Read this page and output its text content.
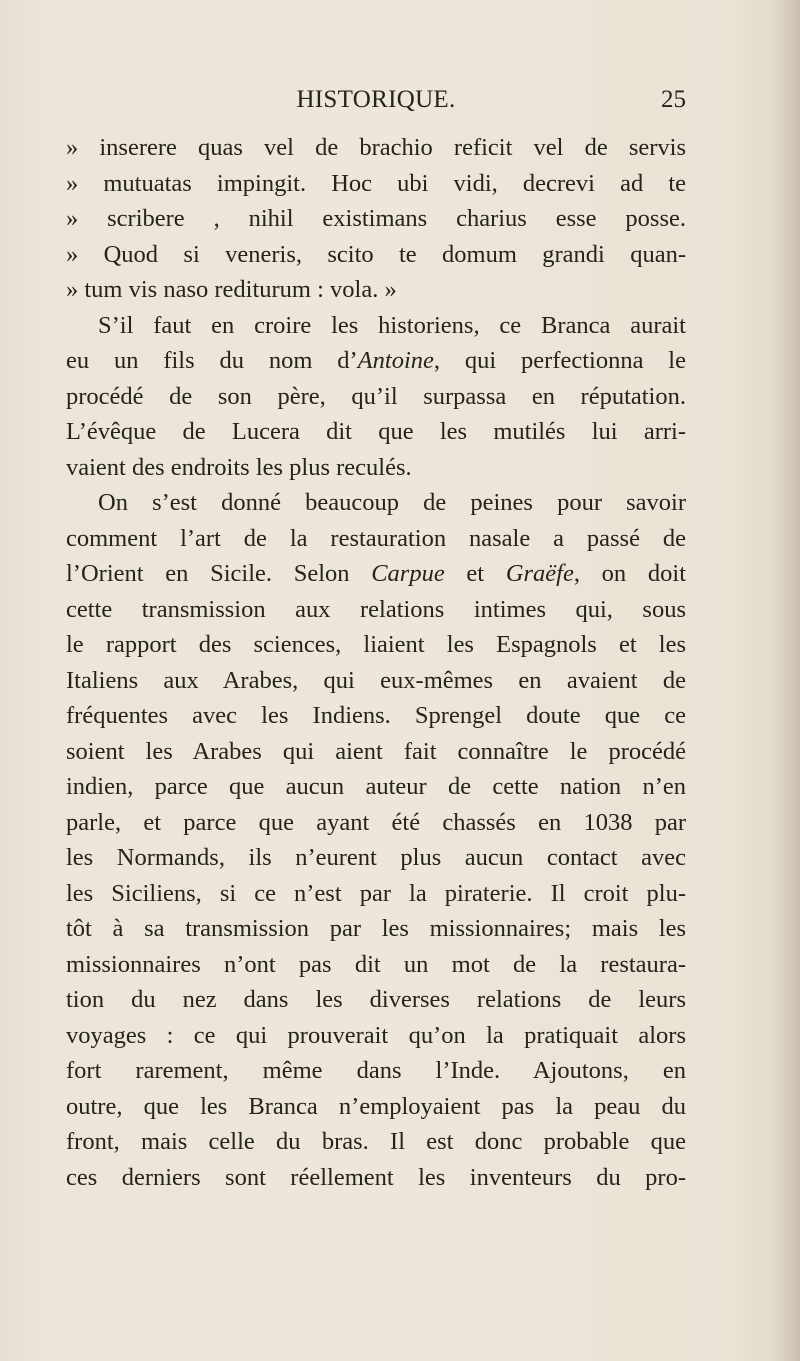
HISTORIQUE.	25
» inserere quas vel de brachio reficit vel de servis
» mutuatas impingit. Hoc ubi vidi, decrevi ad te
» scribere , nihil existimans charius esse posse.
» Quod si veneris, scito te domum grandi quan-
» tum vis naso rediturum : vola. »
S’il faut en croire les historiens, ce Branca aurait
eu un fils du nom d’Antoine, qui perfectionna le
procédé de son père, qu’il surpassa en réputation.
L’évêque de Lucera dit que les mutilés lui arri-
vaient des endroits les plus reculés.
On s’est donné beaucoup de peines pour savoir
comment l’art de la restauration nasale a passé de
l’Orient en Sicile. Selon Carpue et Graëfe, on doit
cette transmission aux relations intimes qui, sous
le rapport des sciences, liaient les Espagnols et les
Italiens aux Arabes, qui eux-mêmes en avaient de
fréquentes avec les Indiens. Sprengel doute que ce
soient les Arabes qui aient fait connaître le procédé
indien, parce que aucun auteur de cette nation n’en
parle, et parce que ayant été chassés en 1038 par
les Normands, ils n’eurent plus aucun contact avec
les Siciliens, si ce n’est par la piraterie. Il croit plu-
tôt à sa transmission par les missionnaires; mais les
missionnaires n’ont pas dit un mot de la restaura-
tion du nez dans les diverses relations de leurs
voyages : ce qui prouverait qu’on la pratiquait alors
fort rarement, même dans l’Inde. Ajoutons, en
outre, que les Branca n’employaient pas la peau du
front, mais celle du bras. Il est donc probable que
ces derniers sont réellement les inventeurs du pro-
